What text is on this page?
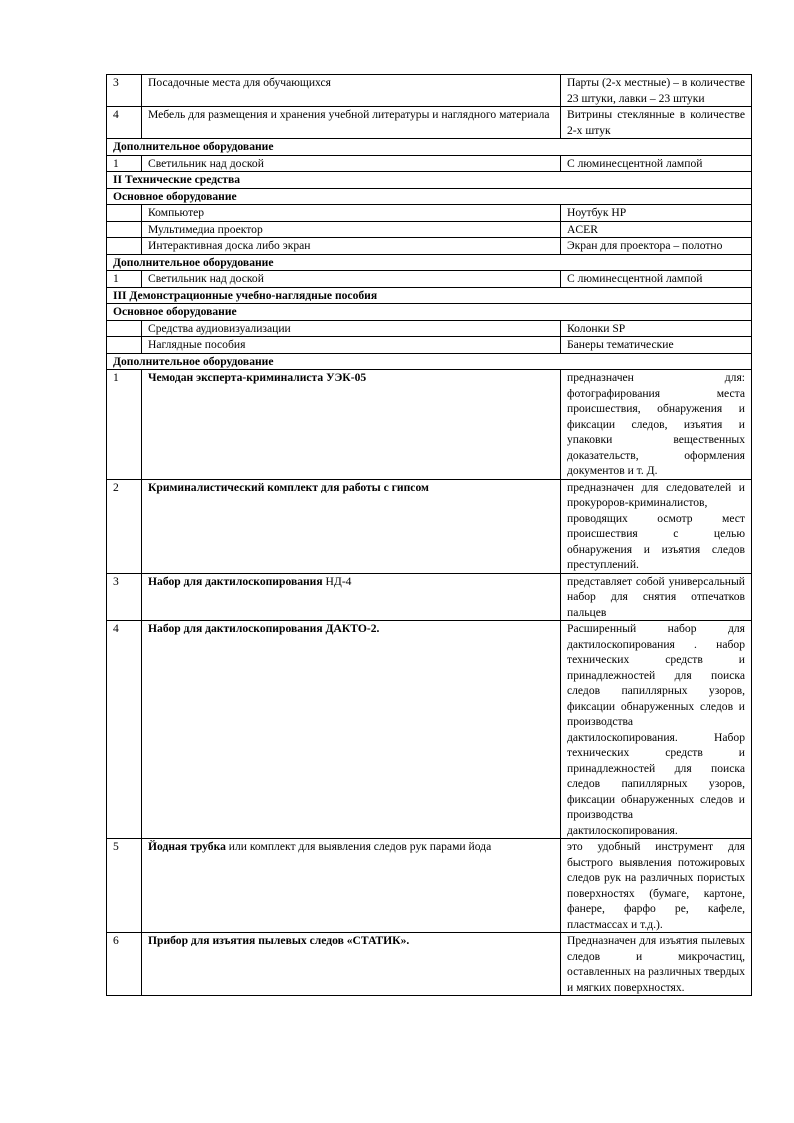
3	Посадочные места для обучающихся	Парты (2-х местные) – в количестве 23 штуки, лавки – 23 штуки
4	Мебель для размещения и хранения учебной литературы и наглядного материала	Витрины стеклянные в количестве 2-х штук
Дополнительное оборудование		
1	Светильник над доской	С люминесцентной лампой
II Технические средства		
Основное оборудование		
	Компьютер	Ноутбук HP
	Мультимедиа проектор	ACER
	Интерактивная доска либо экран	Экран для проектора – полотно
Дополнительное оборудование		
1	Светильник над доской	С люминесцентной лампой
III Демонстрационные учебно-наглядные пособия		
Основное оборудование		
	Средства аудиовизуализации	Колонки SP
	Наглядные пособия	Банеры тематические
Дополнительное оборудование		
1	Чемодан эксперта-криминалиста УЭК-05	предназначен для: фотографирования места происшествия, обнаружения и фиксации следов, изъятия и упаковки вещественных доказательств, оформления документов и т. Д.
2	Криминалистический комплект для работы с гипсом	предназначен для следователей и прокуроров-криминалистов, проводящих осмотр мест происшествия с целью обнаружения и изъятия следов преступлений.
3	Набор для дактилоскопирования НД-4	представляет собой универсальный набор для снятия отпечатков пальцев
4	Набор для дактилоскопирования ДАКТО-2.	Расширенный набор для дактилоскопирования . набор технических средств и принадлежностей для поиска следов папиллярных узоров, фиксации обнаруженных следов и производства дактилоскопирования. Набор технических средств и принадлежностей для поиска следов папиллярных узоров, фиксации обнаруженных следов и производства дактилоскопирования.
5	Йодная трубка или комплект для выявления следов рук парами йода	это удобный инструмент для быстрого выявления потожировых следов рук на различных пористых поверхностях (бумаге, картоне, фанере, фарфо ре, кафеле, пластмассах и т.д.).
6	Прибор для изъятия пылевых следов «СТАТИК».	Предназначен для изъятия пылевых следов и микрочастиц, оставленных на различных твердых и мягких поверхностях.
